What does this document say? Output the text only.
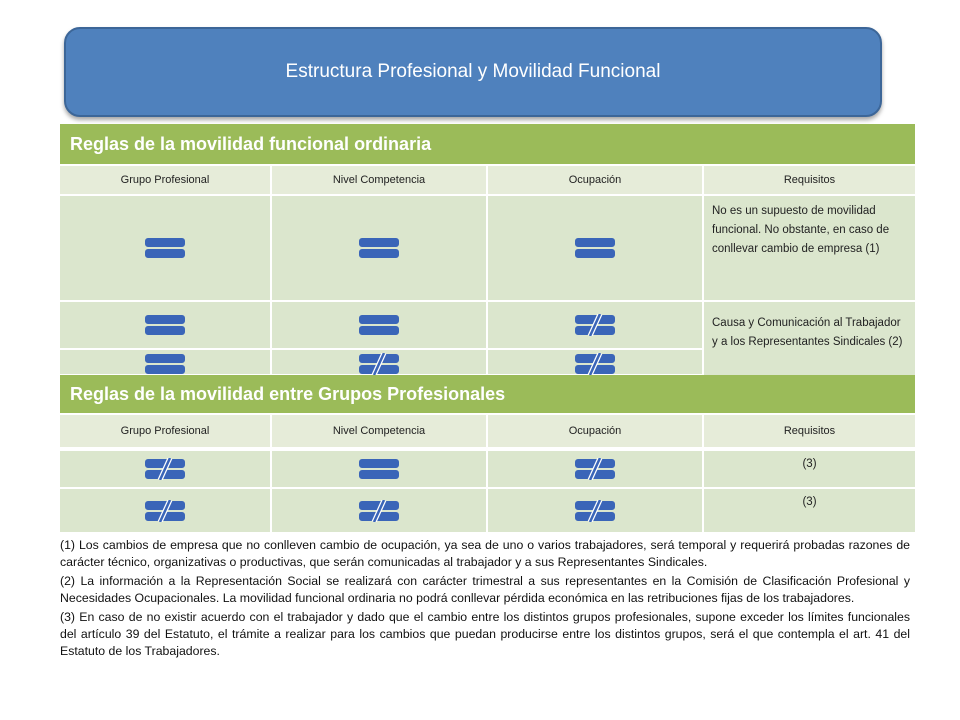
Estructura Profesional y Movilidad Funcional
Reglas de la movilidad funcional ordinaria
Grupo Profesional	Nivel Competencia	Ocupación	Requisitos
No es un supuesto de movilidad funcional. No obstante, en caso de conllevar cambio de empresa (1)
Causa y Comunicación al Trabajador y a los Representantes Sindicales (2)
Reglas de la movilidad entre Grupos Profesionales
Grupo Profesional	Nivel Competencia	Ocupación	Requisitos
(3)
(3)

(1) Los cambios de empresa que no conlleven cambio de ocupación, ya sea de uno o varios trabajadores, será temporal y requerirá probadas razones de carácter técnico, organizativas o productivas, que serán comunicadas al trabajador y a sus Representantes Sindicales.

(2) La información a la Representación Social se realizará con carácter trimestral a sus representantes en la Comisión de Clasificación Profesional y Necesidades Ocupacionales. La movilidad funcional ordinaria no podrá conllevar pérdida económica en las retribuciones fijas de los trabajadores.

(3) En caso de no existir acuerdo con el trabajador y dado que el cambio entre los distintos grupos profesionales, supone exceder los límites funcionales del artículo 39 del Estatuto, el trámite a realizar para los cambios que puedan producirse entre los distintos grupos, será el que contempla el art. 41 del Estatuto de los Trabajadores.
